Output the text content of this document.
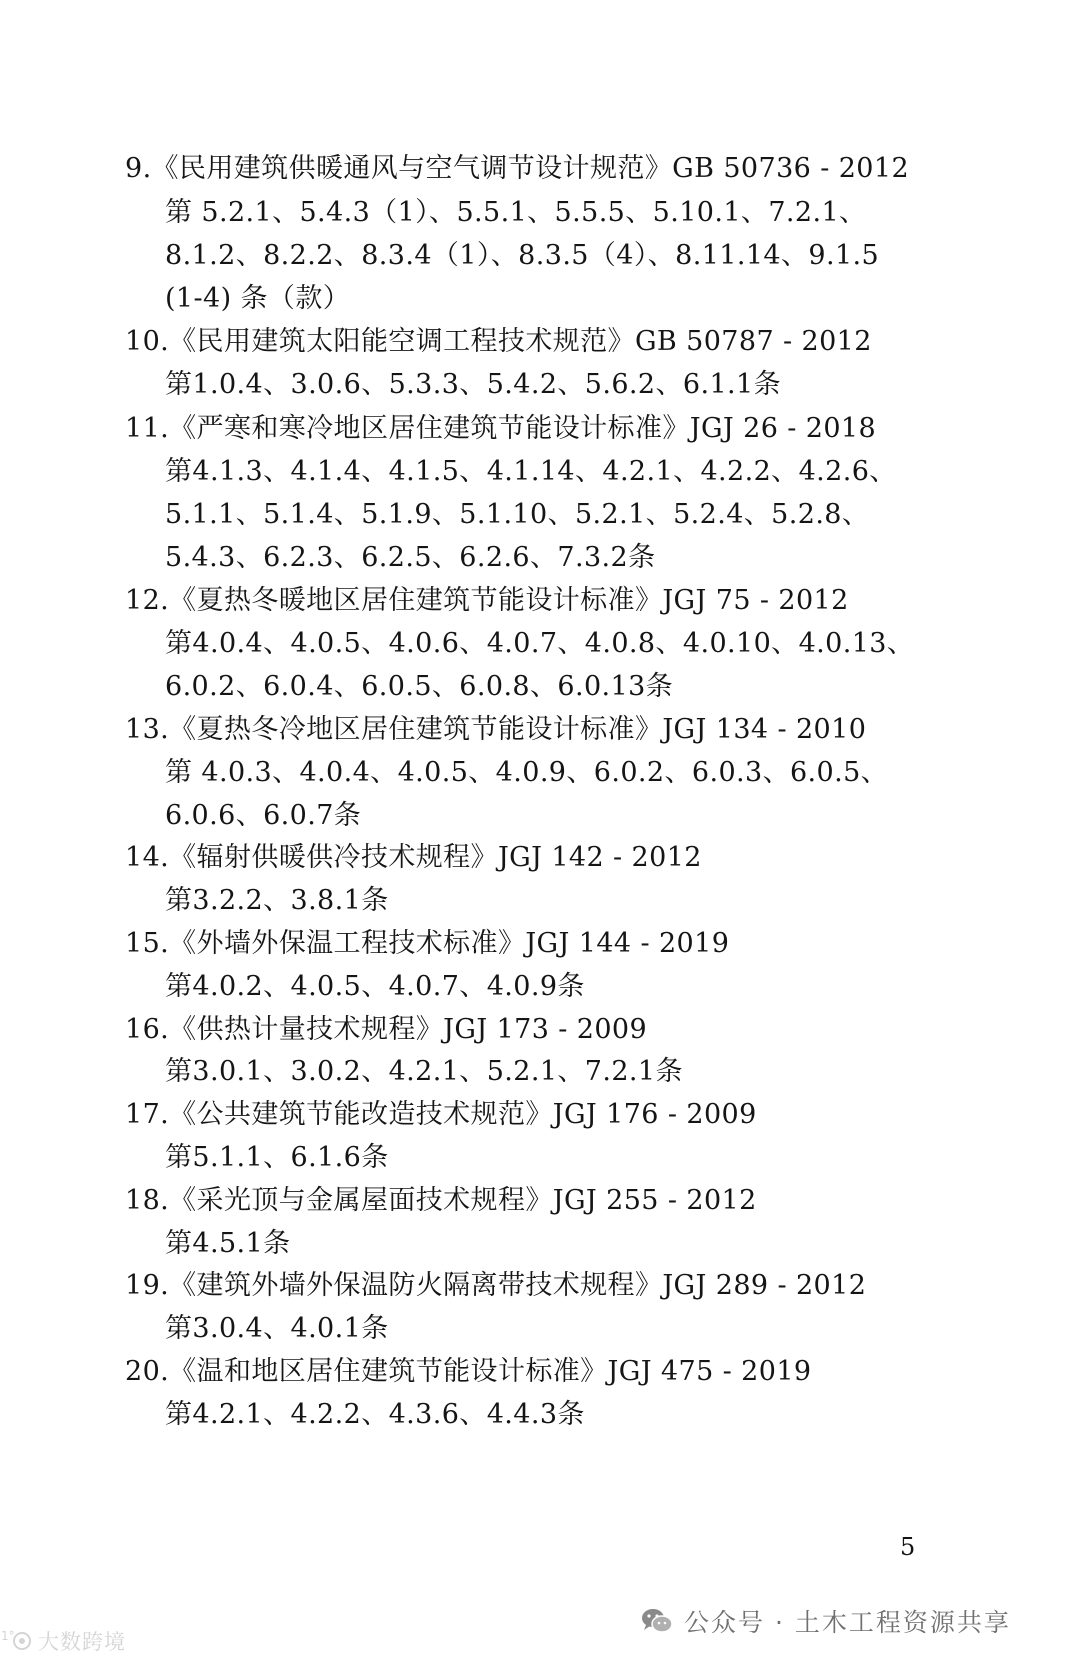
9.《民用建筑供暖通风与空气调节设计规范》GB 50736 - 2012
第 5.2.1、5.4.3（1）、5.5.1、5.5.5、5.10.1、7.2.1、
8.1.2、8.2.2、8.3.4（1）、8.3.5（4）、8.11.14、9.1.5
(1-4) 条（款）
10.《民用建筑太阳能空调工程技术规范》GB 50787 - 2012
第1.0.4、3.0.6、5.3.3、5.4.2、5.6.2、6.1.1条
11.《严寒和寒冷地区居住建筑节能设计标准》JGJ 26 - 2018
第4.1.3、4.1.4、4.1.5、4.1.14、4.2.1、4.2.2、4.2.6、
5.1.1、5.1.4、5.1.9、5.1.10、5.2.1、5.2.4、5.2.8、
5.4.3、6.2.3、6.2.5、6.2.6、7.3.2条
12.《夏热冬暖地区居住建筑节能设计标准》JGJ 75 - 2012
第4.0.4、4.0.5、4.0.6、4.0.7、4.0.8、4.0.10、4.0.13、
6.0.2、6.0.4、6.0.5、6.0.8、6.0.13条
13.《夏热冬冷地区居住建筑节能设计标准》JGJ 134 - 2010
第 4.0.3、4.0.4、4.0.5、4.0.9、6.0.2、6.0.3、6.0.5、
6.0.6、6.0.7条
14.《辐射供暖供冷技术规程》JGJ 142 - 2012
第3.2.2、3.8.1条
15.《外墙外保温工程技术标准》JGJ 144 - 2019
第4.0.2、4.0.5、4.0.7、4.0.9条
16.《供热计量技术规程》JGJ 173 - 2009
第3.0.1、3.0.2、4.2.1、5.2.1、7.2.1条
17.《公共建筑节能改造技术规范》JGJ 176 - 2009
第5.1.1、6.1.6条
18.《采光顶与金属屋面技术规程》JGJ 255 - 2012
第4.5.1条
19.《建筑外墙外保温防火隔离带技术规程》JGJ 289 - 2012
第3.0.4、4.0.1条
20.《温和地区居住建筑节能设计标准》JGJ 475 - 2019
第4.2.1、4.2.2、4.3.6、4.4.3条
5
公众号 · 土木工程资源共享
1° 大数跨境
